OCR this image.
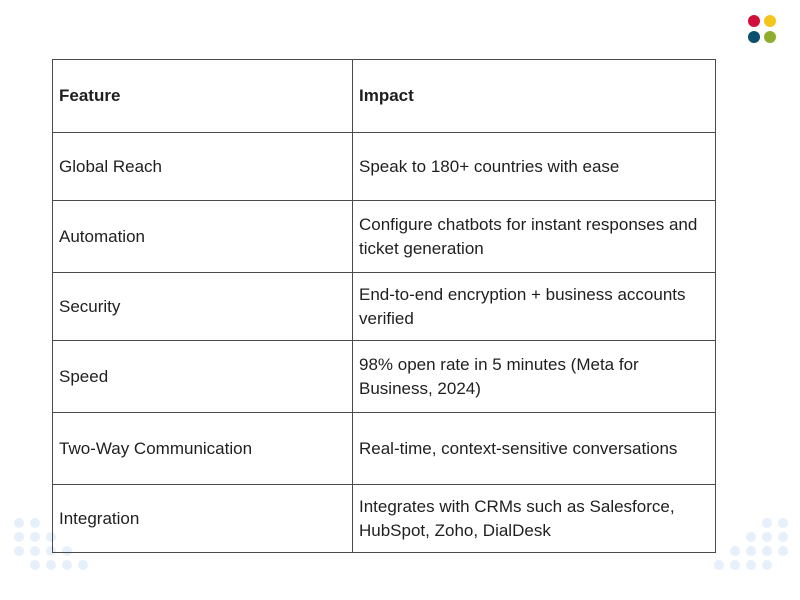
Feature	Impact
Global Reach	Speak to 180+ countries with ease
Automation	Configure chatbots for instant responses and ticket generation
Security	End-to-end encryption + business accounts verified
Speed	98% open rate in 5 minutes (Meta for Business, 2024)
Two-Way Communication	Real-time, context-sensitive conversations
Integration	Integrates with CRMs such as Salesforce, HubSpot, Zoho, DialDesk
